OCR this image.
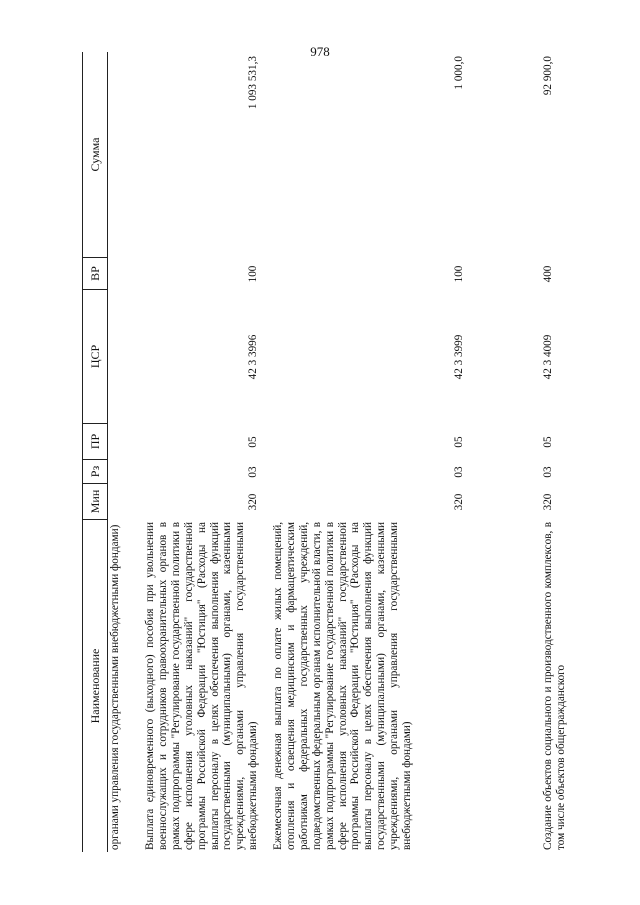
978
Наименование
Мин
Рз
ПР
ЦСР
ВР
Сумма
органами управления государственными внебюджетными фондами) Выплата единовременного (выходного) пособия при увольнении военнослужащих и сотрудников правоохранительных органов в рамках подпрограммы "Регулирование государственной политики в сфере исполнения уголовных наказаний" государственной программы Российской Федерации "Юстиция" (Расходы на выплаты персоналу в целях обеспечения выполнения функций государственными (муниципальными) органами, казенными учреждениями, органами управления государственными внебюджетными фондами)
320
03
05
42 3 3996
100
1 093 531,3
Ежемесячная денежная выплата по оплате жилых помещений, отопления и освещения медицинским и фармацевтическим работникам федеральных государственных учреждений, подведомственных федеральным органам исполнительной власти, в рамках подпрограммы "Регулирование государственной политики в сфере исполнения уголовных наказаний" государственной программы Российской Федерации "Юстиция" (Расходы на выплаты персоналу в целях обеспечения выполнения функций государственными (муниципальными) органами, казенными учреждениями, органами управления государственными внебюджетными фондами)
320
03
05
42 3 3999
100
1 000,0
Создание объектов социального и производственного комплексов, в том числе объектов общегражданского
320
03
05
42 3 4009
400
92 900,0
